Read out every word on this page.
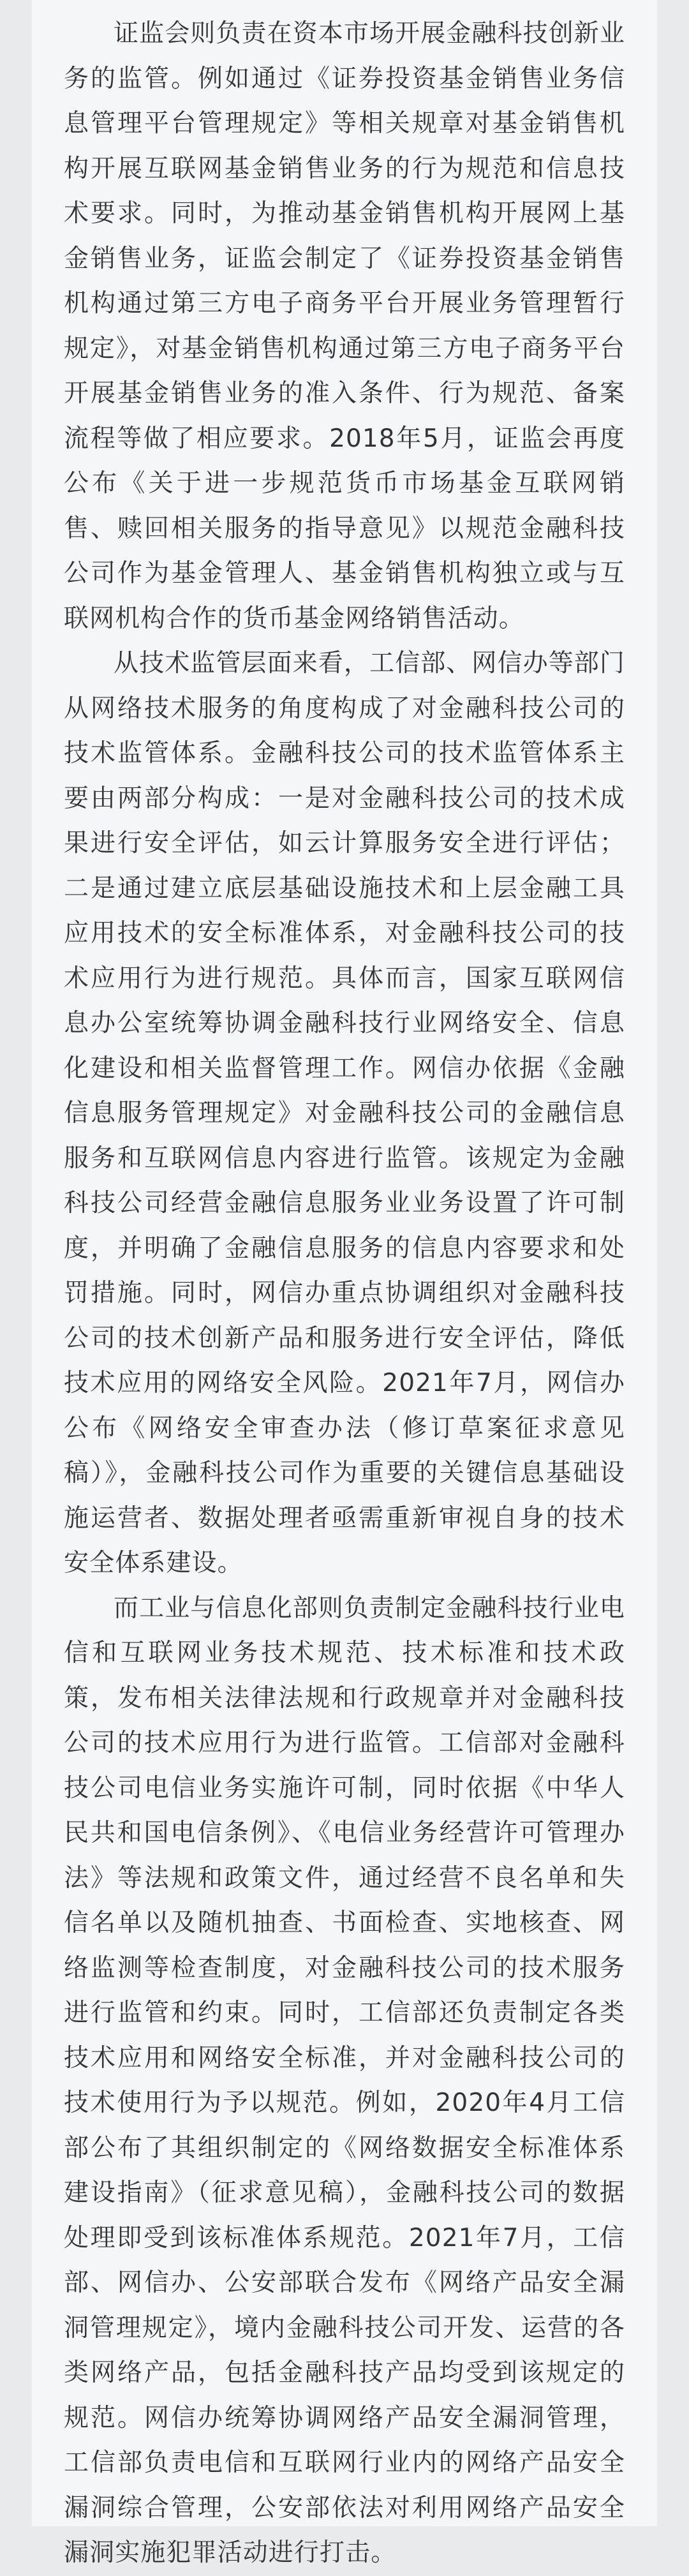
证监会则负责在资本市场开展金融科技创新业务的监管。例如通过《证券投资基金销售业务信息管理平台管理规定》等相关规章对基金销售机构开展互联网基金销售业务的行为规范和信息技术要求。同时，为推动基金销售机构开展网上基金销售业务，证监会制定了《证券投资基金销售机构通过第三方电子商务平台开展业务管理暂行规定》，对基金销售机构通过第三方电子商务平台开展基金销售业务的准入条件、行为规范、备案流程等做了相应要求。2018年5月，证监会再度公布《关于进一步规范货币市场基金互联网销售、赎回相关服务的指导意见》以规范金融科技公司作为基金管理人、基金销售机构独立或与互联网机构合作的货币基金网络销售活动。

从技术监管层面来看，工信部、网信办等部门从网络技术服务的角度构成了对金融科技公司的技术监管体系。金融科技公司的技术监管体系主要由两部分构成：一是对金融科技公司的技术成果进行安全评估，如云计算服务安全进行评估；二是通过建立底层基础设施技术和上层金融工具应用技术的安全标准体系，对金融科技公司的技术应用行为进行规范。具体而言，国家互联网信息办公室统筹协调金融科技行业网络安全、信息化建设和相关监督管理工作。网信办依据《金融信息服务管理规定》对金融科技公司的金融信息服务和互联网信息内容进行监管。该规定为金融科技公司经营金融信息服务业业务设置了许可制度，并明确了金融信息服务的信息内容要求和处罚措施。同时，网信办重点协调组织对金融科技公司的技术创新产品和服务进行安全评估，降低技术应用的网络安全风险。2021年7月，网信办公布《网络安全审查办法（修订草案征求意见稿）》，金融科技公司作为重要的关键信息基础设施运营者、数据处理者亟需重新审视自身的技术安全体系建设。

而工业与信息化部则负责制定金融科技行业电信和互联网业务技术规范、技术标准和技术政策，发布相关法律法规和行政规章并对金融科技公司的技术应用行为进行监管。工信部对金融科技公司电信业务实施许可制，同时依据《中华人民共和国电信条例》、《电信业务经营许可管理办法》等法规和政策文件，通过经营不良名单和失信名单以及随机抽查、书面检查、实地核查、网络监测等检查制度，对金融科技公司的技术服务进行监管和约束。同时，工信部还负责制定各类技术应用和网络安全标准，并对金融科技公司的技术使用行为予以规范。例如，2020年4月工信部公布了其组织制定的《网络数据安全标准体系建设指南》（征求意见稿），金融科技公司的数据处理即受到该标准体系规范。2021年7月，工信部、网信办、公安部联合发布《网络产品安全漏洞管理规定》，境内金融科技公司开发、运营的各类网络产品，包括金融科技产品均受到该规定的规范。网信办统筹协调网络产品安全漏洞管理，工信部负责电信和互联网行业内的网络产品安全漏洞综合管理，公安部依法对利用网络产品安全漏洞实施犯罪活动进行打击。
